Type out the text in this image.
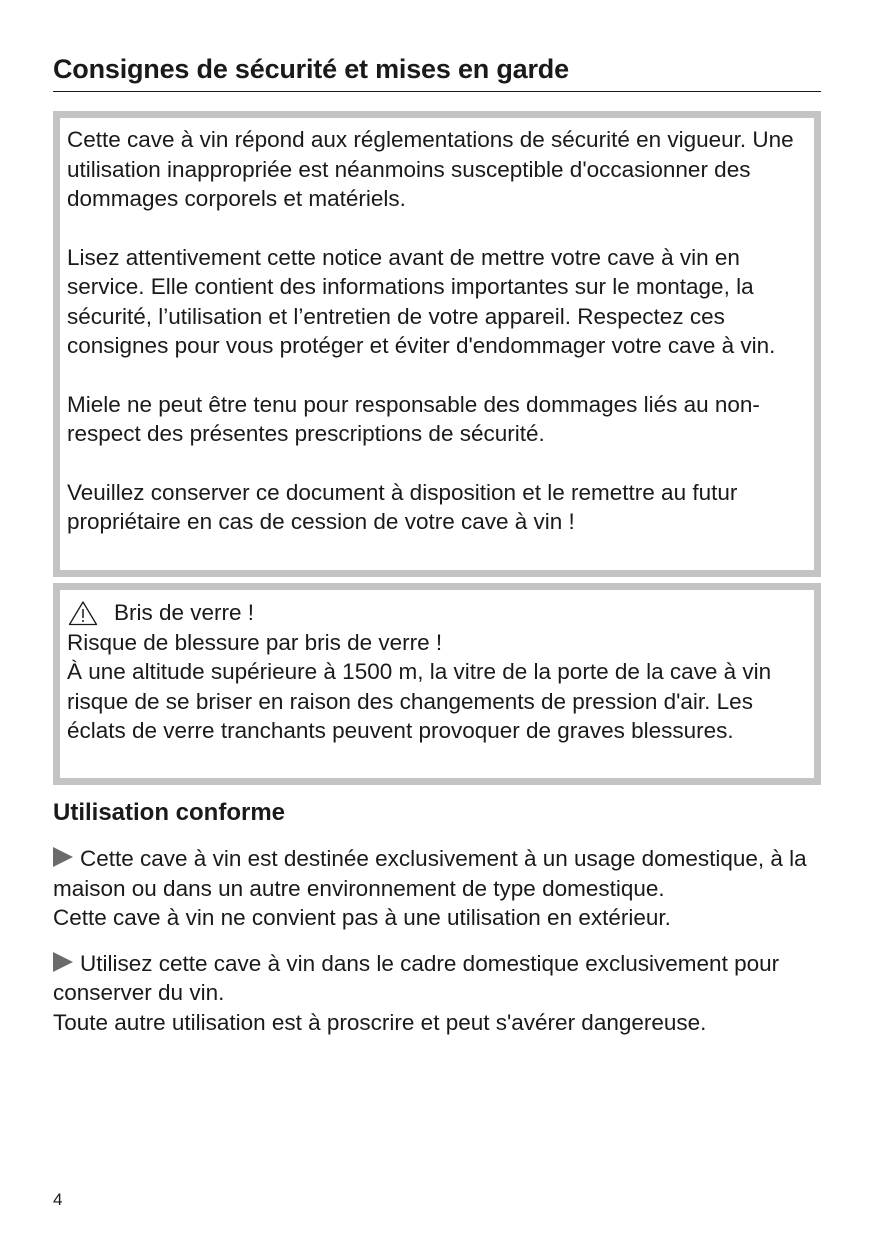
Consignes de sécurité et mises en garde

Cette cave à vin répond aux réglementations de sécurité en vigueur. Une utilisation inappropriée est néanmoins susceptible d'occasionner des dommages corporels et matériels.

Lisez attentivement cette notice avant de mettre votre cave à vin en service. Elle contient des informations importantes sur le montage, la sécurité, l’utilisation et l’entretien de votre appareil. Respectez ces consignes pour vous protéger et éviter d'endommager votre cave à vin.

Miele ne peut être tenu pour responsable des dommages liés au non-respect des présentes prescriptions de sécurité.

Veuillez conserver ce document à disposition et le remettre au futur propriétaire en cas de cession de votre cave à vin !

Bris de verre !

Risque de blessure par bris de verre !

À une altitude supérieure à 1500 m, la vitre de la porte de la cave à vin risque de se briser en raison des changements de pression d'air. Les éclats de verre tranchants peuvent provoquer de graves blessures.

Utilisation conforme

Cette cave à vin est destinée exclusivement à un usage domestique, à la maison ou dans un autre environnement de type domestique.

Cette cave à vin ne convient pas à une utilisation en extérieur.

Utilisez cette cave à vin dans le cadre domestique exclusivement pour conserver du vin.

Toute autre utilisation est à proscrire et peut s'avérer dangereuse.

4
